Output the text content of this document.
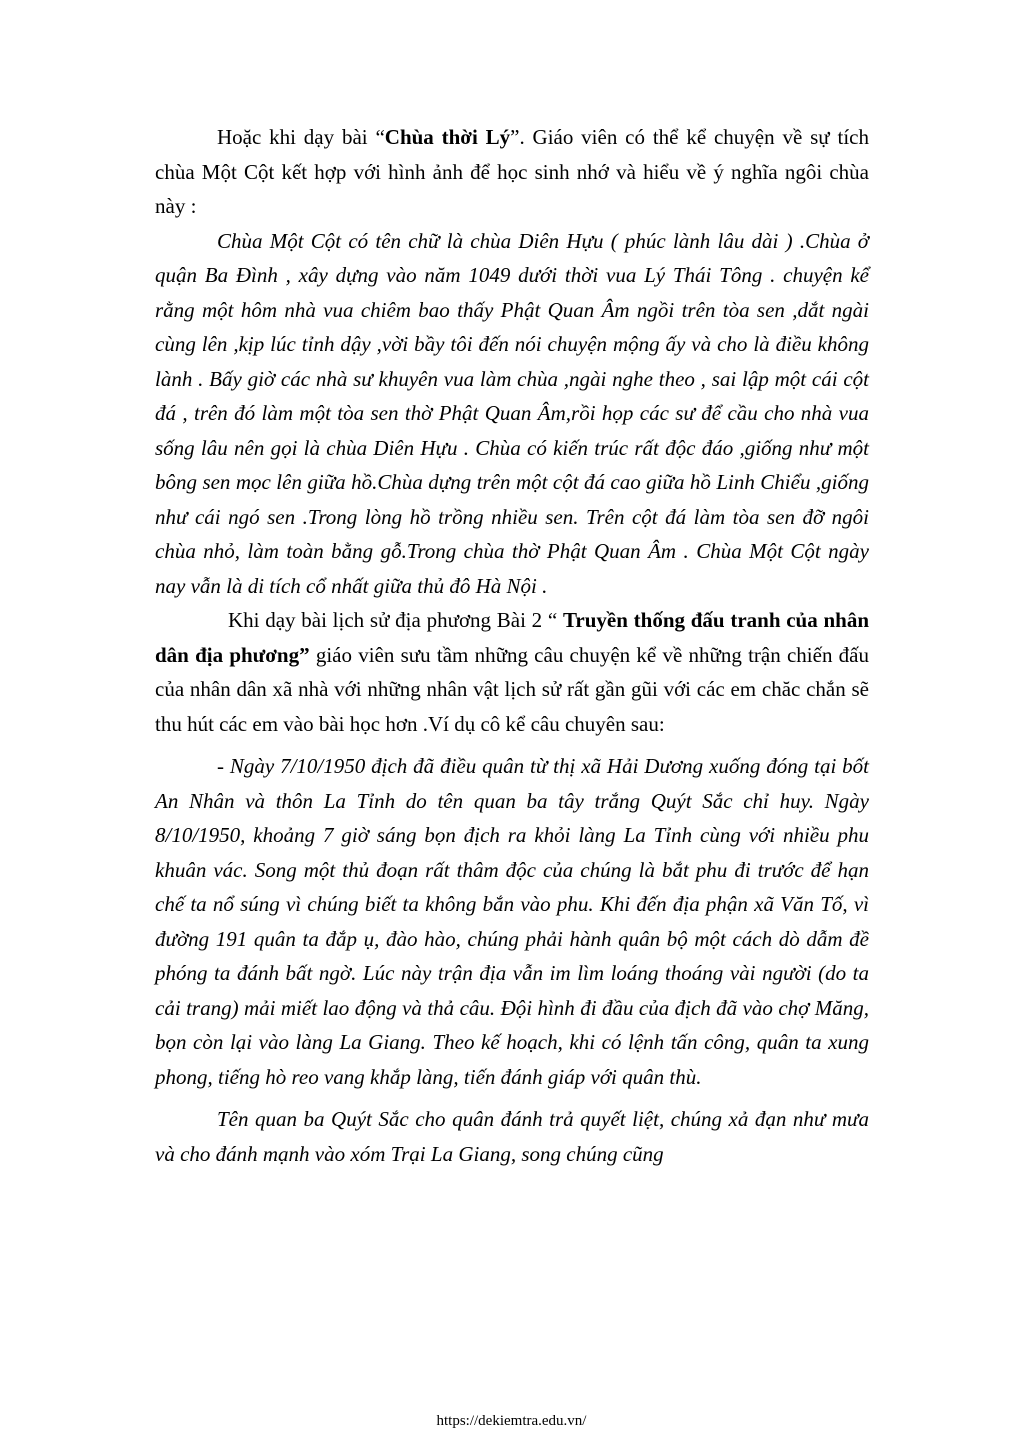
Hoặc khi dạy bài “Chùa thời Lý”. Giáo viên có thể kể chuyện về sự tích chùa Một Cột kết hợp với hình ảnh để học sinh nhớ và hiểu về ý nghĩa ngôi chùa này :

Chùa Một Cột có tên chữ là chùa Diên Hựu ( phúc lành lâu dài ) .Chùa ở quận Ba Đình , xây dựng vào năm 1049 dưới thời vua Lý Thái Tông . chuyện kể rằng một hôm nhà vua chiêm bao thấy Phật Quan Âm ngồi trên tòa sen ,dắt ngài cùng lên ,kịp lúc tỉnh dậy ,vời bầy tôi đến nói chuyện mộng ấy và cho là điều không lành . Bấy giờ các nhà sư khuyên vua làm chùa ,ngài nghe theo , sai lập một cái cột đá , trên đó làm một tòa sen thờ Phật Quan Âm,rồi họp các sư để cầu cho nhà vua sống lâu nên gọi là chùa Diên Hựu . Chùa có kiến trúc rất độc đáo ,giống như một bông sen mọc lên giữa hồ.Chùa dựng trên một cột đá cao giữa hồ Linh Chiểu ,giống như cái ngó sen .Trong lòng hồ trồng nhiều sen. Trên cột đá làm tòa sen đỡ ngôi chùa nhỏ, làm toàn bằng gỗ.Trong chùa thờ Phật Quan Âm . Chùa Một Cột ngày nay vẫn là di tích cổ nhất giữa thủ đô Hà Nội .

Khi dạy bài lịch sử địa phương Bài 2 “ Truyền thống đấu tranh của nhân dân địa phương” giáo viên sưu tầm những câu chuyện kể về những trận chiến đấu của nhân dân xã nhà với những nhân vật lịch sử rất gần gũi với các em chăc chắn sẽ thu hút các em vào bài học hơn .Ví dụ cô kể câu chuyên sau:

- Ngày 7/10/1950 địch đã điều quân từ thị xã Hải Dương xuống đóng tại bốt An Nhân và thôn La Tỉnh do tên quan ba tây trắng Quýt Sắc chỉ huy. Ngày 8/10/1950, khoảng 7 giờ sáng bọn địch ra khỏi làng La Tỉnh cùng với nhiều phu khuân vác. Song một thủ đoạn rất thâm độc của chúng là bắt phu đi trước để hạn chế ta nổ súng vì chúng biết ta không bắn vào phu. Khi đến địa phận xã Văn Tố, vì đường 191 quân ta đắp ụ, đào hào, chúng phải hành quân bộ một cách dò dẫm đề phóng ta đánh bất ngờ. Lúc này trận địa vẫn im lìm loáng thoáng vài người (do ta cải trang) mải miết lao động và thả câu. Đội hình đi đầu của địch đã vào chợ Măng, bọn còn lại vào làng La Giang. Theo kế hoạch, khi có lệnh tấn công, quân ta xung phong, tiếng hò reo vang khắp làng, tiến đánh giáp với quân thù.

Tên quan ba Quýt Sắc cho quân đánh trả quyết liệt, chúng xả đạn như mưa và cho đánh mạnh vào xóm Trại La Giang, song chúng cũng

https://dekiemtra.edu.vn/
